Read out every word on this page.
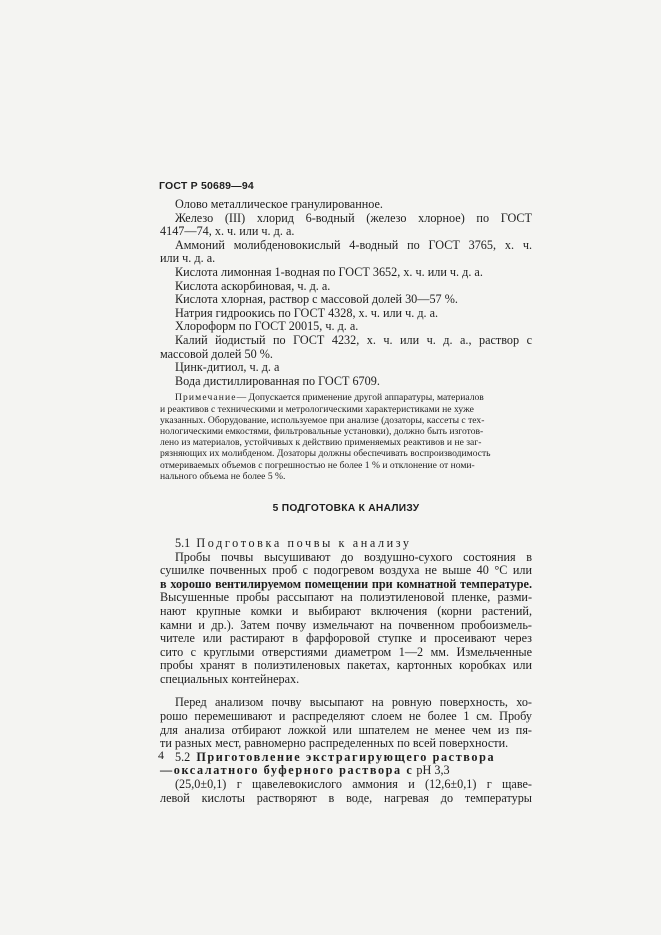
ГОСТ Р 50689—94
Олово металлическое гранулированное.
Железо (III) хлорид 6-водный (железо хлорное) по ГОСТ
4147—74, х. ч. или ч. д. а.
Аммоний молибденовокислый 4-водный по ГОСТ 3765, х. ч.
или ч. д. а.
Кислота лимонная 1-водная по ГОСТ 3652, х. ч. или ч. д. а.
Кислота аскорбиновая, ч. д. а.
Кислота хлорная, раствор с массовой долей 30—57 %.
Натрия гидроокись по ГОСТ 4328, х. ч. или ч. д. а.
Хлороформ по ГОСТ 20015, ч. д. а.
Калий йодистый по ГОСТ 4232, х. ч. или ч. д. а., раствор с
массовой долей 50 %.
Цинк-дитиол, ч. д. а
Вода дистиллированная по ГОСТ 6709.
Примечание— Допускается применение другой аппаратуры, материалов
и реактивов с техническими и метрологическими характеристиками не хуже
указанных. Оборудование, используемое при анализе (дозаторы, кассеты с тех-
нологическими емкостями, фильтровальные установки), должно быть изготов-
лено из материалов, устойчивых к действию применяемых реактивов и не заг-
рязняющих их молибденом. Дозаторы должны обеспечивать воспроизводимость
отмериваемых объемов с погрешностью не более 1 % и отклонение от номи-
нального объема не более 5 %.
5 ПОДГОТОВКА К АНАЛИЗУ
5.1 Подготовка почвы к анализу
Пробы почвы высушивают до воздушно-сухого состояния в
сушилке почвенных проб с подогревом воздуха не выше 40 °С или
в хорошо вентилируемом помещении при комнатной температуре.
Высушенные пробы рассыпают на полиэтиленовой пленке, разми-
нают крупные комки и выбирают включения (корни растений,
камни и др.). Затем почву измельчают на почвенном пробоизмель-
чителе или растирают в фарфоровой ступке и просеивают через
сито с круглыми отверстиями диаметром 1—2 мм. Измельченные
пробы хранят в полиэтиленовых пакетах, картонных коробках или
специальных контейнерах.
Перед анализом почву высыпают на ровную поверхность, хо-
рошо перемешивают и распределяют слоем не более 1 см. Пробу
для анализа отбирают ложкой или шпателем не менее чем из пя-
ти разных мест, равномерно распределенных по всей поверхности.
5.2 Приготовление экстрагирующего раствора
—оксалатного буферного раствора с рН 3,3
(25,0±0,1) г щавелевокислого аммония и (12,6±0,1) г щаве-
левой кислоты растворяют в воде, нагревая до температуры
4
